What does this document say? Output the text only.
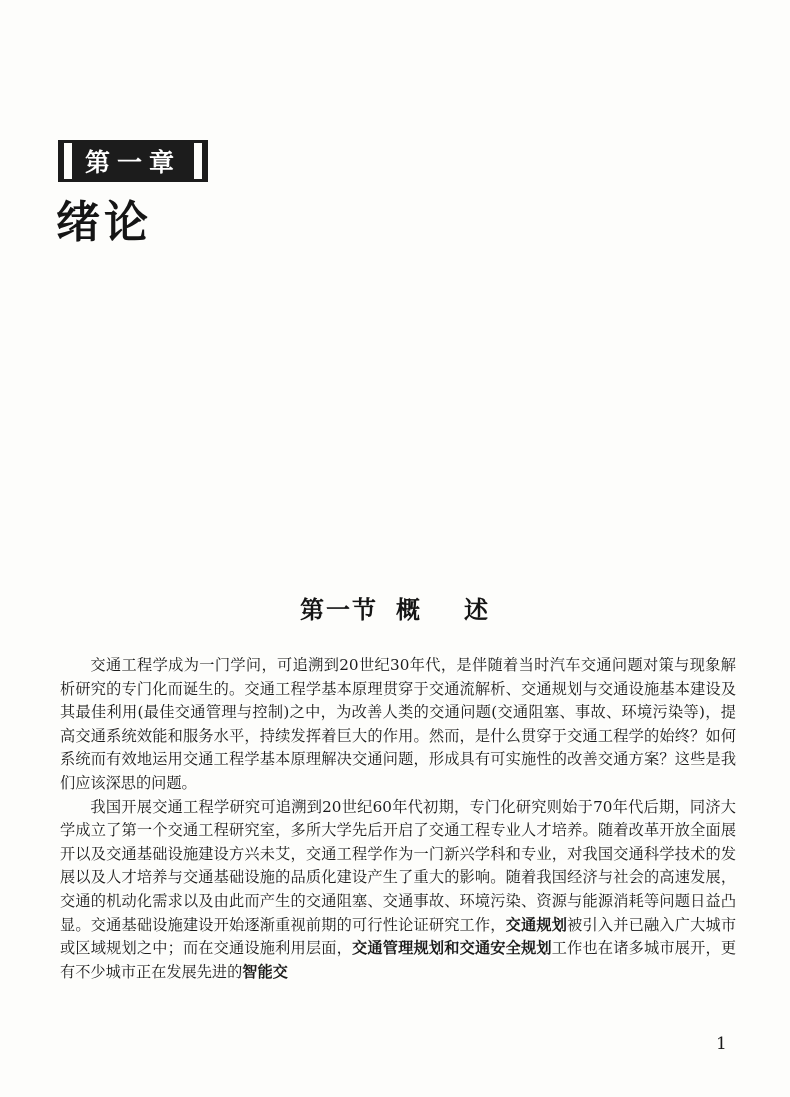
第一章
绪论
第一节 概 述

交通工程学成为一门学问，可追溯到20世纪30年代，是伴随着当时汽车交通问题对策与现象解析研究的专门化而诞生的。交通工程学基本原理贯穿于交通流解析、交通规划与交通设施基本建设及其最佳利用(最佳交通管理与控制)之中，为改善人类的交通问题(交通阻塞、事故、环境污染等)，提高交通系统效能和服务水平，持续发挥着巨大的作用。然而，是什么贯穿于交通工程学的始终？如何系统而有效地运用交通工程学基本原理解决交通问题，形成具有可实施性的改善交通方案？这些是我们应该深思的问题。

我国开展交通工程学研究可追溯到20世纪60年代初期，专门化研究则始于70年代后期，同济大学成立了第一个交通工程研究室，多所大学先后开启了交通工程专业人才培养。随着改革开放全面展开以及交通基础设施建设方兴未艾，交通工程学作为一门新兴学科和专业，对我国交通科学技术的发展以及人才培养与交通基础设施的品质化建设产生了重大的影响。随着我国经济与社会的高速发展，交通的机动化需求以及由此而产生的交通阻塞、交通事故、环境污染、资源与能源消耗等问题日益凸显。交通基础设施建设开始逐渐重视前期的可行性论证研究工作，交通规划被引入并已融入广大城市或区域规划之中；而在交通设施利用层面，交通管理规划和交通安全规划工作也在诸多城市展开，更有不少城市正在发展先进的智能交

1
